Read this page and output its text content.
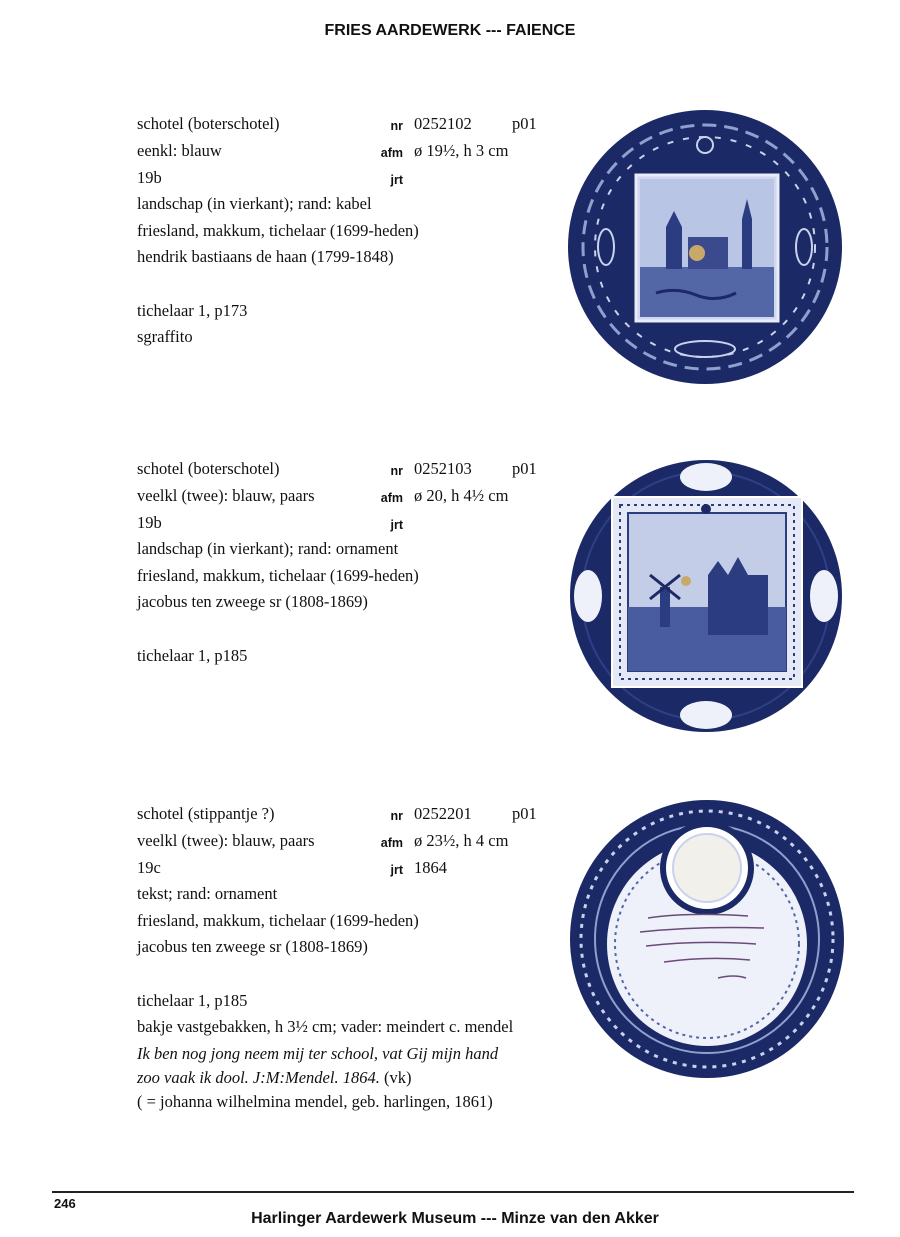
FRIES AARDEWERK --- FAIENCE
schotel (boterschotel)	nr 0252102 p01
eenkl: blauw	afm ø 19½, h 3 cm
19b	jrt
landschap (in vierkant); rand: kabel
friesland, makkum, tichelaar (1699-heden)
hendrik bastiaans de haan (1799-1848)
tichelaar 1, p173
sgraffito
schotel (boterschotel)	nr 0252103 p01
veelkl (twee): blauw, paars	afm ø 20, h 4½ cm
19b	jrt
landschap (in vierkant); rand: ornament
friesland, makkum, tichelaar (1699-heden)
jacobus ten zweege sr (1808-1869)
tichelaar 1, p185
schotel (stippantje ?)	nr 0252201 p01
veelkl (twee): blauw, paars	afm ø 23½, h 4 cm
19c	jrt 1864
tekst; rand: ornament
friesland, makkum, tichelaar (1699-heden)
jacobus ten zweege sr (1808-1869)
tichelaar 1, p185
bakje vastgebakken, h 3½ cm; vader: meindert c. mendel
Ik ben nog jong neem mij ter school, vat Gij mijn hand
zoo vaak ik dool. J:M:Mendel. 1864. (vk)
( = johanna wilhelmina mendel, geb. harlingen, 1861)
246
Harlinger Aardewerk Museum --- Minze van den Akker
